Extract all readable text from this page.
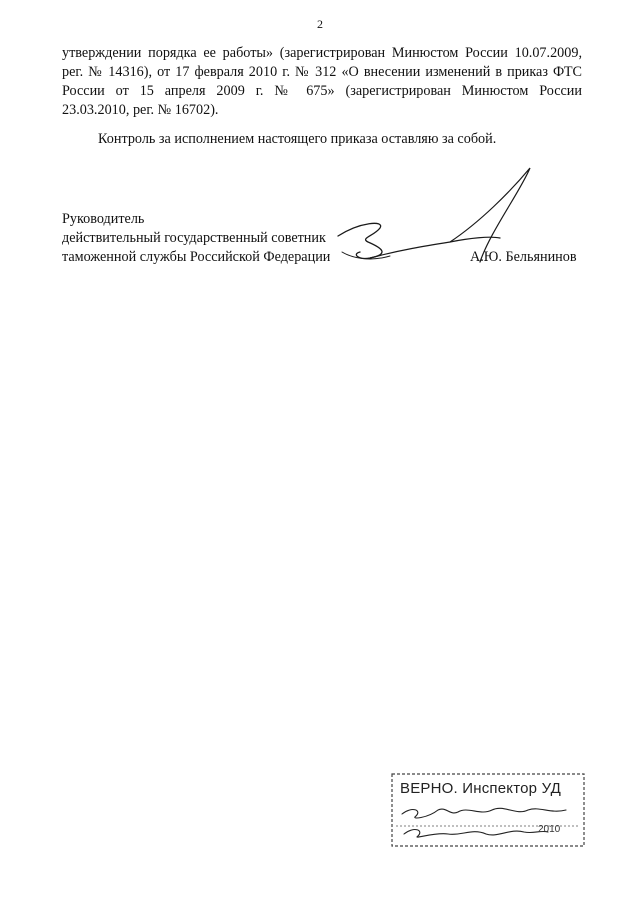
2

утверждении порядка ее работы» (зарегистрирован Минюстом России 10.07.2009,
рег. № 14316), от 17 февраля 2010 г. № 312 «О внесении изменений в приказ ФТС
России от 15 апреля 2009 г. № 675» (зарегистрирован Минюстом России
23.03.2010, рег. № 16702).

Контроль за исполнением настоящего приказа оставляю за собой.

Руководитель
действительный государственный советник
таможенной службы Российской Федерации	А.Ю. Бельянинов
ВЕРНО. Инспектор УД
2010
